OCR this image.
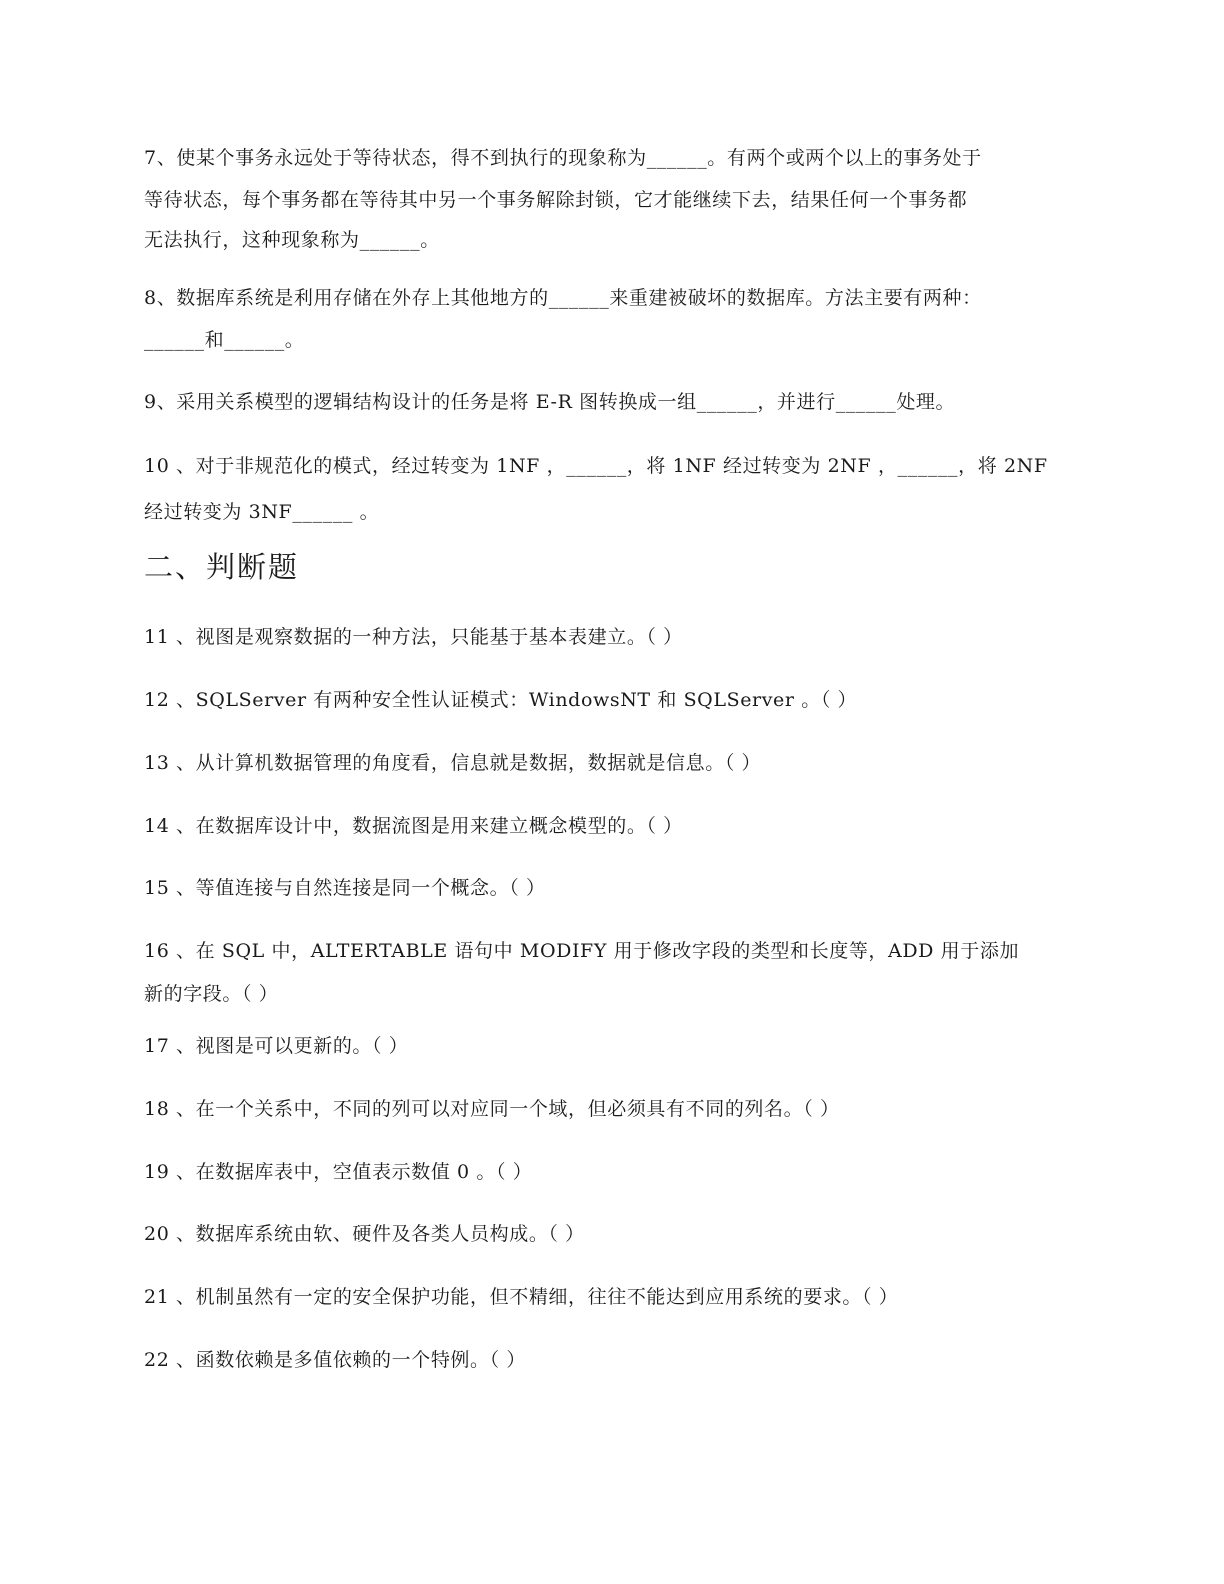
7、使某个事务永远处于等待状态，得不到执行的现象称为______。有两个或两个以上的事务处于
等待状态，每个事务都在等待其中另一个事务解除封锁，它才能继续下去，结果任何一个事务都
无法执行，这种现象称为______。
8、数据库系统是利用存储在外存上其他地方的______来重建被破坏的数据库。方法主要有两种：
______和______。
9、采用关系模型的逻辑结构设计的任务是将 E-R 图转换成一组______，并进行______处理。
10 、对于非规范化的模式，经过转变为 1NF ，______，将 1NF 经过转变为 2NF ，______，将 2NF
经过转变为 3NF______ 。
二、判断题
11 、视图是观察数据的一种方法，只能基于基本表建立。（ ）
12 、SQLServer 有两种安全性认证模式：WindowsNT 和 SQLServer 。（ ）
13 、从计算机数据管理的角度看，信息就是数据，数据就是信息。（ ）
14 、在数据库设计中，数据流图是用来建立概念模型的。（ ）
15 、等值连接与自然连接是同一个概念。（ ）
16 、在 SQL 中，ALTERTABLE 语句中 MODIFY 用于修改字段的类型和长度等，ADD 用于添加
新的字段。（ ）
17 、视图是可以更新的。（ ）
18 、在一个关系中，不同的列可以对应同一个域，但必须具有不同的列名。（ ）
19 、在数据库表中，空值表示数值 0 。（ ）
20 、数据库系统由软、硬件及各类人员构成。（ ）
21 、机制虽然有一定的安全保护功能，但不精细，往往不能达到应用系统的要求。（ ）
22 、函数依赖是多值依赖的一个特例。（ ）
